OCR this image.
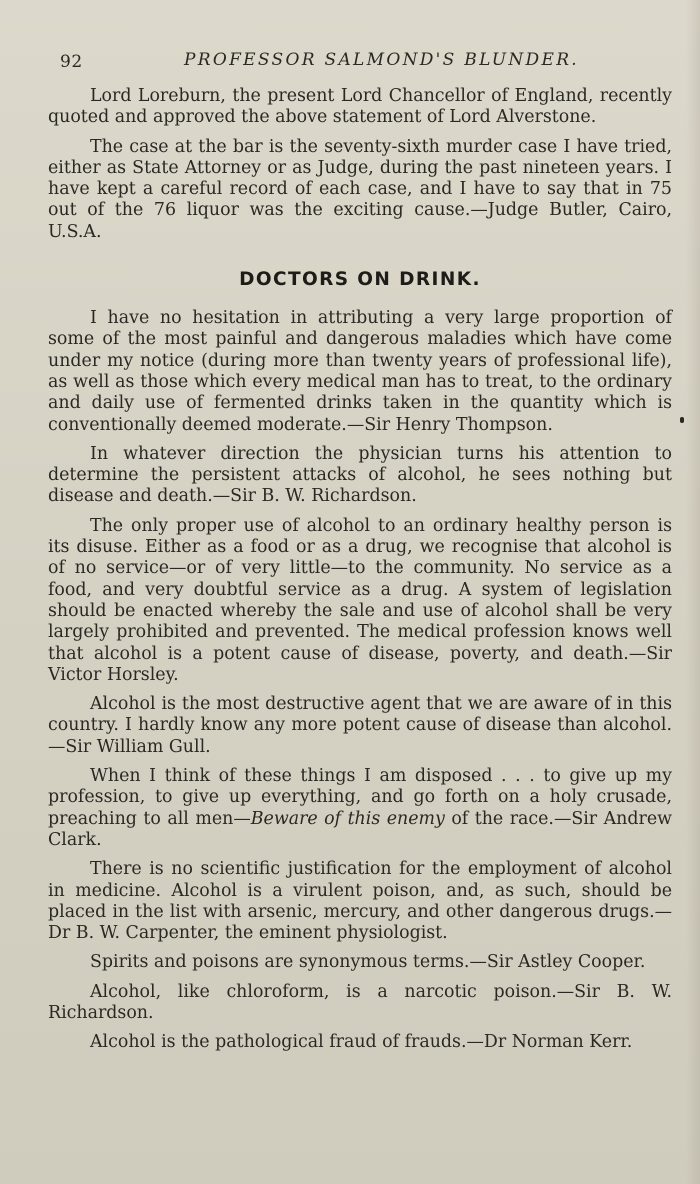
92	PROFESSOR SALMOND'S BLUNDER.

Lord Loreburn, the present Lord Chancellor of England, recently quoted and approved the above statement of Lord Alverstone.

The case at the bar is the seventy-sixth murder case I have tried, either as State Attorney or as Judge, during the past nineteen years. I have kept a careful record of each case, and I have to say that in 75 out of the 76 liquor was the exciting cause.—Judge Butler, Cairo, U.S.A.

DOCTORS ON DRINK.

I have no hesitation in attributing a very large proportion of some of the most painful and dangerous maladies which have come under my notice (during more than twenty years of professional life), as well as those which every medical man has to treat, to the ordinary and daily use of fermented drinks taken in the quantity which is conventionally deemed moderate.—Sir Henry Thompson.

In whatever direction the physician turns his attention to determine the persistent attacks of alcohol, he sees nothing but disease and death.—Sir B. W. Richardson.

The only proper use of alcohol to an ordinary healthy person is its disuse. Either as a food or as a drug, we recognise that alcohol is of no service—or of very little—to the community. No service as a food, and very doubtful service as a drug. A system of legislation should be enacted whereby the sale and use of alcohol shall be very largely prohibited and prevented. The medical profession knows well that alcohol is a potent cause of disease, poverty, and death.—Sir Victor Horsley.

Alcohol is the most destructive agent that we are aware of in this country. I hardly know any more potent cause of disease than alcohol.—Sir William Gull.

When I think of these things I am disposed . . . to give up my profession, to give up everything, and go forth on a holy crusade, preaching to all men—Beware of this enemy of the race.—Sir Andrew Clark.

There is no scientific justification for the employment of alcohol in medicine. Alcohol is a virulent poison, and, as such, should be placed in the list with arsenic, mercury, and other dangerous drugs.—Dr B. W. Carpenter, the eminent physiologist.

Spirits and poisons are synonymous terms.—Sir Astley Cooper.

Alcohol, like chloroform, is a narcotic poison.—Sir B. W. Richardson.

Alcohol is the pathological fraud of frauds.—Dr Norman Kerr.
